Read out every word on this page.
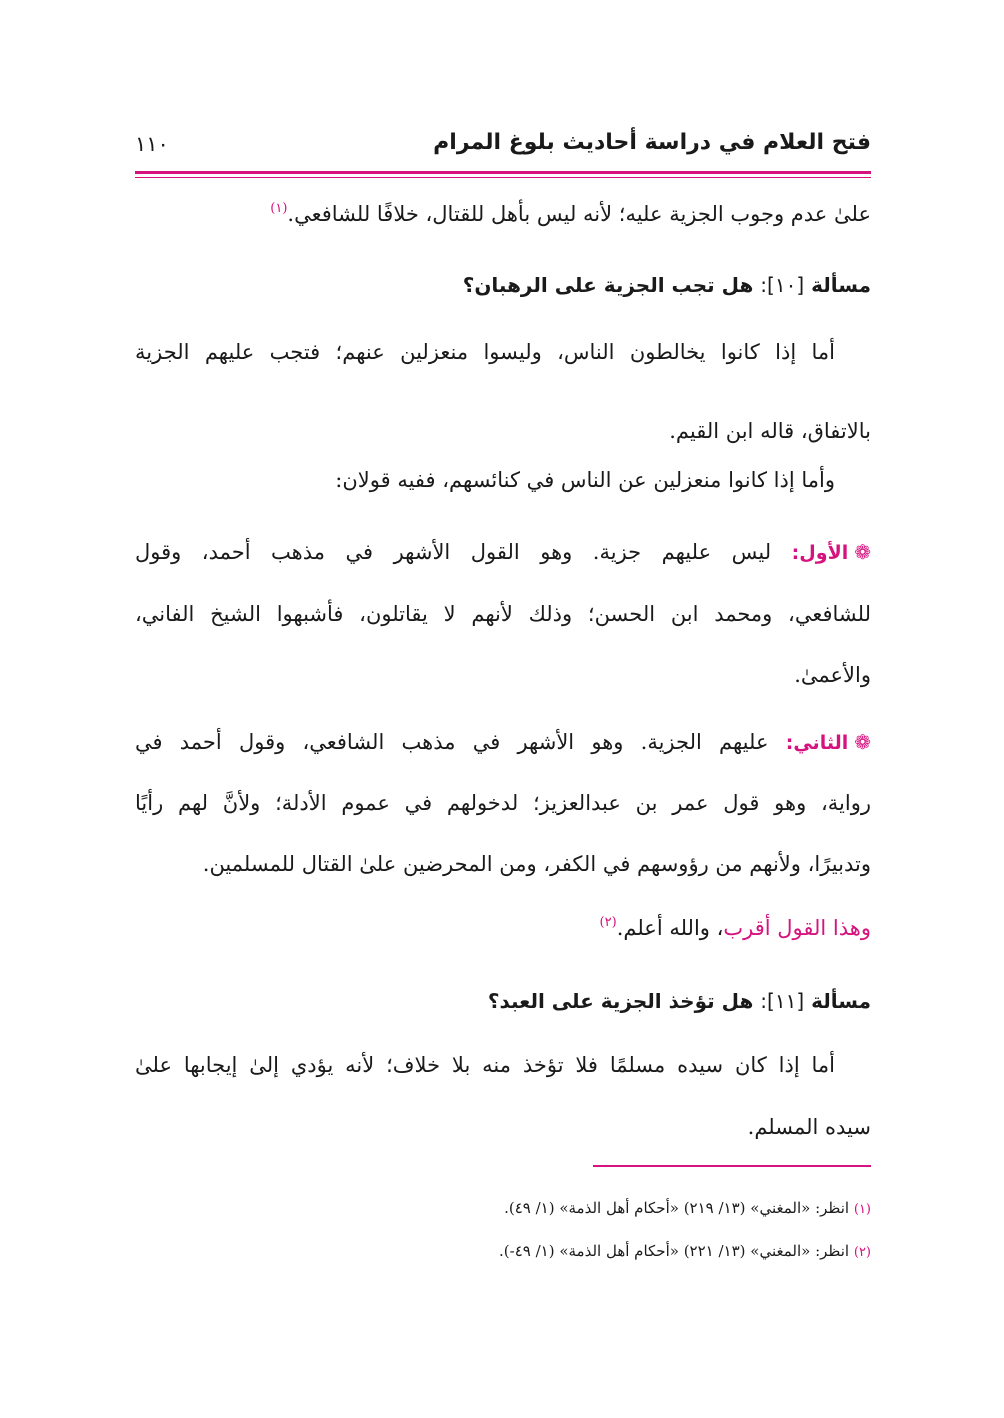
فتح العلام في دراسة أحاديث بلوغ المرام
١١٠
علىٰ عدم وجوب الجزية عليه؛ لأنه ليس بأهل للقتال، خلافًا للشافعي.$^{(١)}$
مسألة [١٠]: هل تجب الجزية على الرهبان؟
أما إذا كانوا يخالطون الناس، وليسوا منعزلين عنهم؛ فتجب عليهم الجزية
بالاتفاق، قاله ابن القيم.
وأما إذا كانوا منعزلين عن الناس في كنائسهم، ففيه قولان:
❁الأول: ليس عليهم جزية. وهو القول الأشهر في مذهب أحمد، وقول
للشافعي، ومحمد ابن الحسن؛ وذلك لأنهم لا يقاتلون، فأشبهوا الشيخ الفاني،
والأعمىٰ.
❁الثاني: عليهم الجزية. وهو الأشهر في مذهب الشافعي، وقول أحمد في
رواية، وهو قول عمر بن عبدالعزيز؛ لدخولهم في عموم الأدلة؛ ولأنَّ لهم رأيًا
وتدبيرًا، ولأنهم من رؤوسهم في الكفر، ومن المحرضين علىٰ القتال للمسلمين.
وهذا القول أقرب، والله أعلم.$^{(٢)}$
مسألة [١١]: هل تؤخذ الجزية على العبد؟
أما إذا كان سيده مسلمًا فلا تؤخذ منه بلا خلاف؛ لأنه يؤدي إلىٰ إيجابها علىٰ
سيده المسلم.
(١) انظر: «المغني» (١٣/ ٢١٩) «أحكام أهل الذمة» (١/ ٤٩).
(٢) انظر: «المغني» (١٣/ ٢٢١) «أحكام أهل الذمة» (١/ ٤٩-).
